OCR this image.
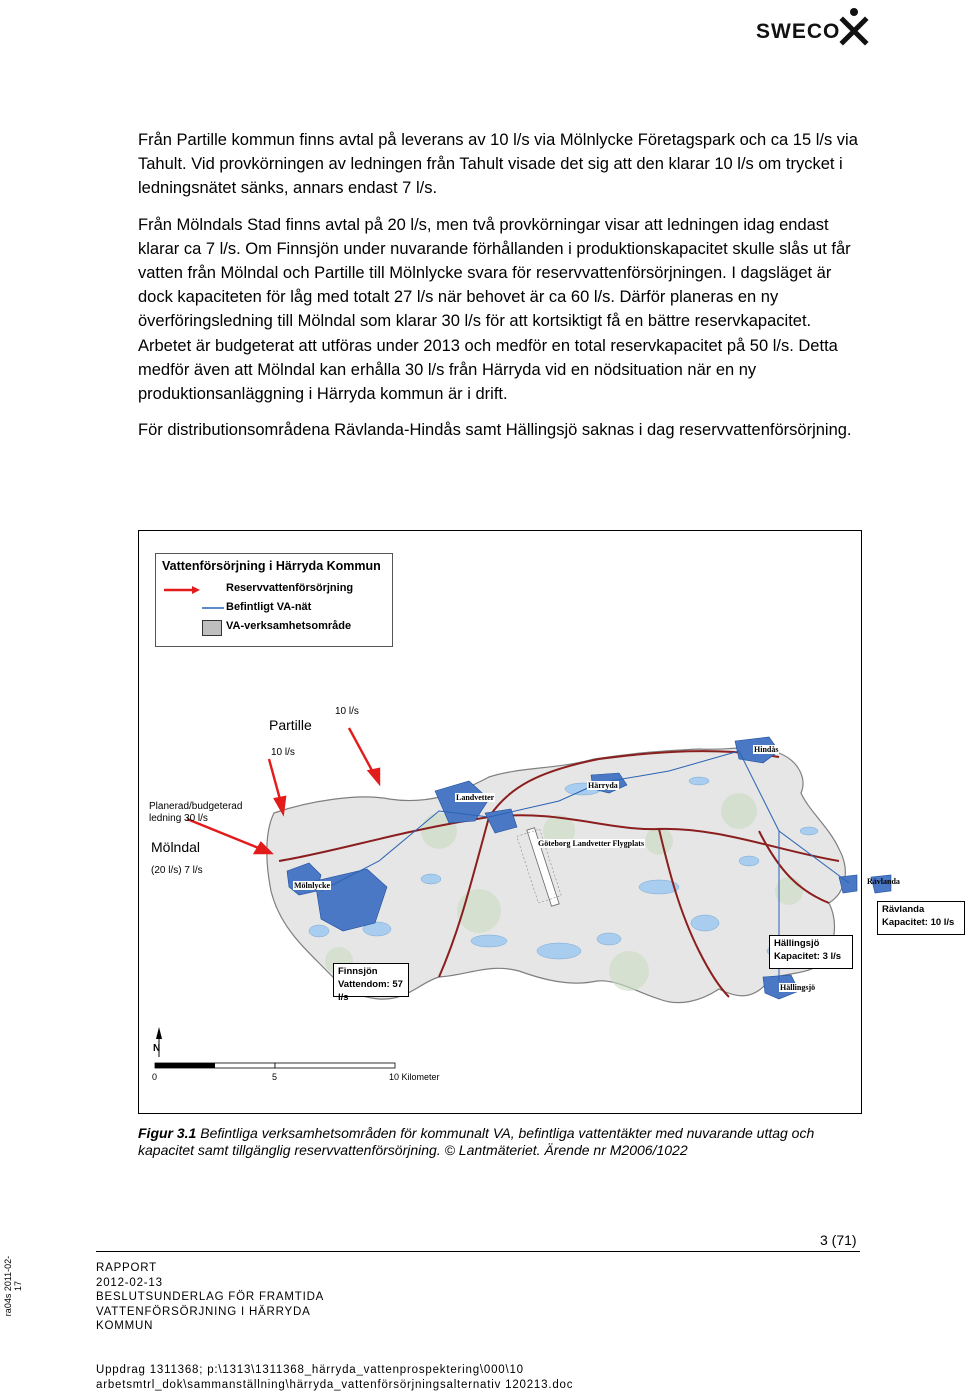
SWECO

Från Partille kommun finns avtal på leverans av 10 l/s via Mölnlycke Företagspark och ca 15 l/s via Tahult. Vid provkörningen av ledningen från Tahult visade det sig att den klarar 10 l/s om trycket i ledningsnätet sänks, annars endast 7 l/s.

Från Mölndals Stad finns avtal på 20 l/s, men två provkörningar visar att ledningen idag endast klarar ca 7 l/s. Om Finnsjön under nuvarande förhållanden i produktionskapacitet skulle slås ut får vatten från Mölndal och Partille till Mölnlycke svara för reservvattenförsörjningen. I dagsläget är dock kapaciteten för låg med totalt 27 l/s när behovet är ca 60 l/s. Därför planeras en ny överföringsledning till Mölndal som klarar 30 l/s för att kortsiktigt få en bättre reservkapacitet. Arbetet är budgeterat att utföras under 2013 och medför en total reservkapacitet på 50 l/s. Detta medför även att Mölndal kan erhålla 30 l/s från Härryda vid en nödsituation när en ny produktionsanläggning i Härryda kommun är i drift.

För distributionsområdena Rävlanda-Hindås samt Hällingsjö saknas i dag reservvattenförsörjning.

Vattenförsörjning i Härryda Kommun
Reservvattenförsörjning
Befintligt VA-nät
VA-verksamhetsområde
10 l/s
Partille
10 l/s
Planerad/budgeterad
ledning 30 l/s
Mölndal
(20 l/s) 7 l/s
Mölnlycke
Landvetter
Härryda
Hindås
Göteborg Landvetter Flygplats
Rävlanda
Hällingsjö
Finnsjön
Vattendom: 57 l/s
Rävlanda
Kapacitet: 10 l/s
Hällingsjö
Kapacitet: 3 l/s
N
0	5	10 Kilometer
Figur 3.1 Befintliga verksamhetsområden för kommunalt VA, befintliga vattentäkter med nuvarande uttag och kapacitet samt tillgänglig reservvattenförsörjning. © Lantmäteriet. Ärende nr M2006/1022
3 (71)
ra04s 2011-02-17
RAPPORT
2012-02-13
BESLUTSUNDERLAG FÖR FRAMTIDA
VATTENFÖRSÖRJNING I HÄRRYDA
KOMMUN
Uppdrag 1311368; p:\1313\1311368_härryda_vattenprospektering\000\10
arbetsmtrl_dok\sammanställning\härryda_vattenförsörjningsalternativ 120213.doc
